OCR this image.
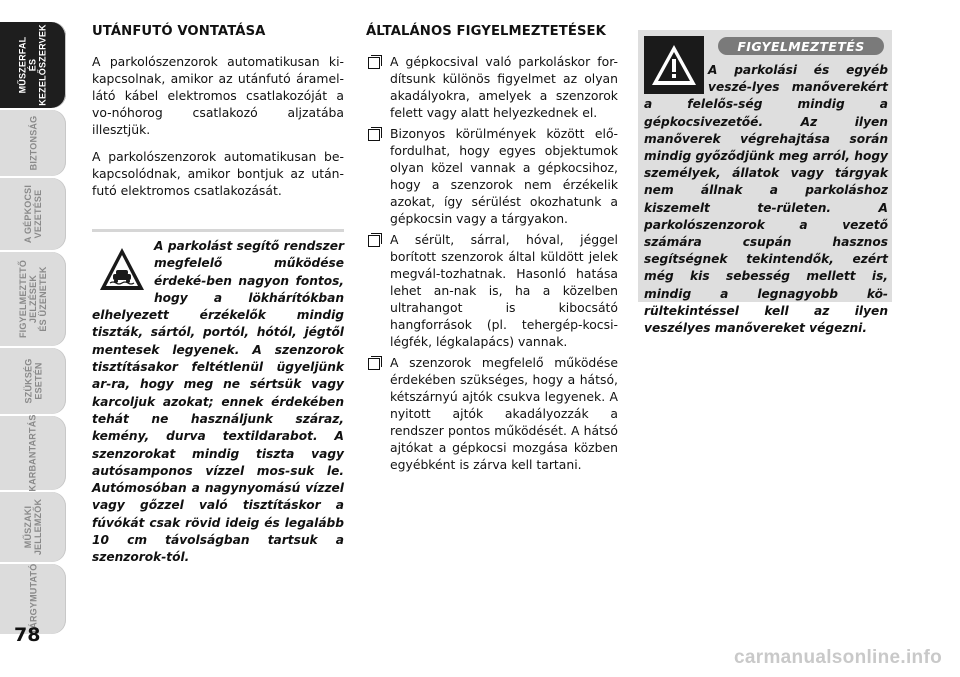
MŰSZERFAL
ÉS
KEZELŐSZERVEK
BIZTONSÁG
A GÉPKOCSI
VEZETÉSE
FIGYELMEZTETŐ
JELZÉSEK
ÉS ÜZENETEK
SZÜKSÉG
ESETÉN
KARBANTARTÁS
MŰSZAKI
JELLEMZŐK
TÁRGYMUTATÓ
78
UTÁNFUTÓ VONTATÁSA

A parkolószenzorok automatikusan ki-kapcsolnak, amikor az utánfutó áramel-látó kábel elektromos csatlakozóját a vo-nóhorog csatlakozó aljzatába illesztjük.

A parkolószenzorok automatikusan be-kapcsolódnak, amikor bontjuk az után-futó elektromos csatlakozását.

A parkolást segítő rendszer megfelelő működése érdeké-ben nagyon fontos, hogy a lökhárítókban elhelyezett érzékelők mindig tiszták, sártól, portól, hótól, jégtől mentesek legyenek. A szenzorok tisztításakor feltétlenül ügyeljünk ar-ra, hogy meg ne sértsük vagy karcoljuk azokat; ennek érdekében tehát ne használjunk száraz, kemény, durva textildarabot. A szenzorokat mindig tiszta vagy autósamponos vízzel mos-suk le. Autómosóban a nagynyomású vízzel vagy gőzzel való tisztításkor a fúvókát csak rövid ideig és legalább 10 cm távolságban tartsuk a szenzorok-tól.

ÁLTALÁNOS FIGYELMEZTETÉSEK
A gépkocsival való parkoláskor for-dítsunk különös figyelmet az olyan akadályokra, amelyek a szenzorok felett vagy alatt helyezkednek el.
Bizonyos körülmények között elő-fordulhat, hogy egyes objektumok olyan közel vannak a gépkocsihoz, hogy a szenzorok nem érzékelik azokat, így sérülést okozhatunk a gépkocsin vagy a tárgyakon.
A sérült, sárral, hóval, jéggel borított szenzorok által küldött jelek megvál-tozhatnak. Hasonló hatása lehet an-nak is, ha a közelben ultrahangot is kibocsátó hangforrások (pl. tehergép-kocsi-légfék, légkalapács) vannak.
A szenzorok megfelelő működése érdekében szükséges, hogy a hátsó, kétszárnyú ajtók csukva legyenek. A nyitott ajtók akadályozzák a rendszer pontos működését. A hátsó ajtókat a gépkocsi mozgása közben egyébként is zárva kell tartani.
FIGYELMEZTETÉS

A parkolási és egyéb veszé-lyes manőverekért a felelős-ség mindig a gépkocsivezetőé. Az ilyen manőverek végrehajtása során mindig győződjünk meg arról, hogy személyek, állatok vagy tárgyak nem állnak a parkoláshoz kiszemelt te-rületen. A parkolószenzorok a vezető számára csupán hasznos segítségnek tekintendők, ezért még kis sebesség mellett is, mindig a legnagyobb kö-rültekintéssel kell az ilyen veszélyes manővereket végezni.

carmanualsonline.info
